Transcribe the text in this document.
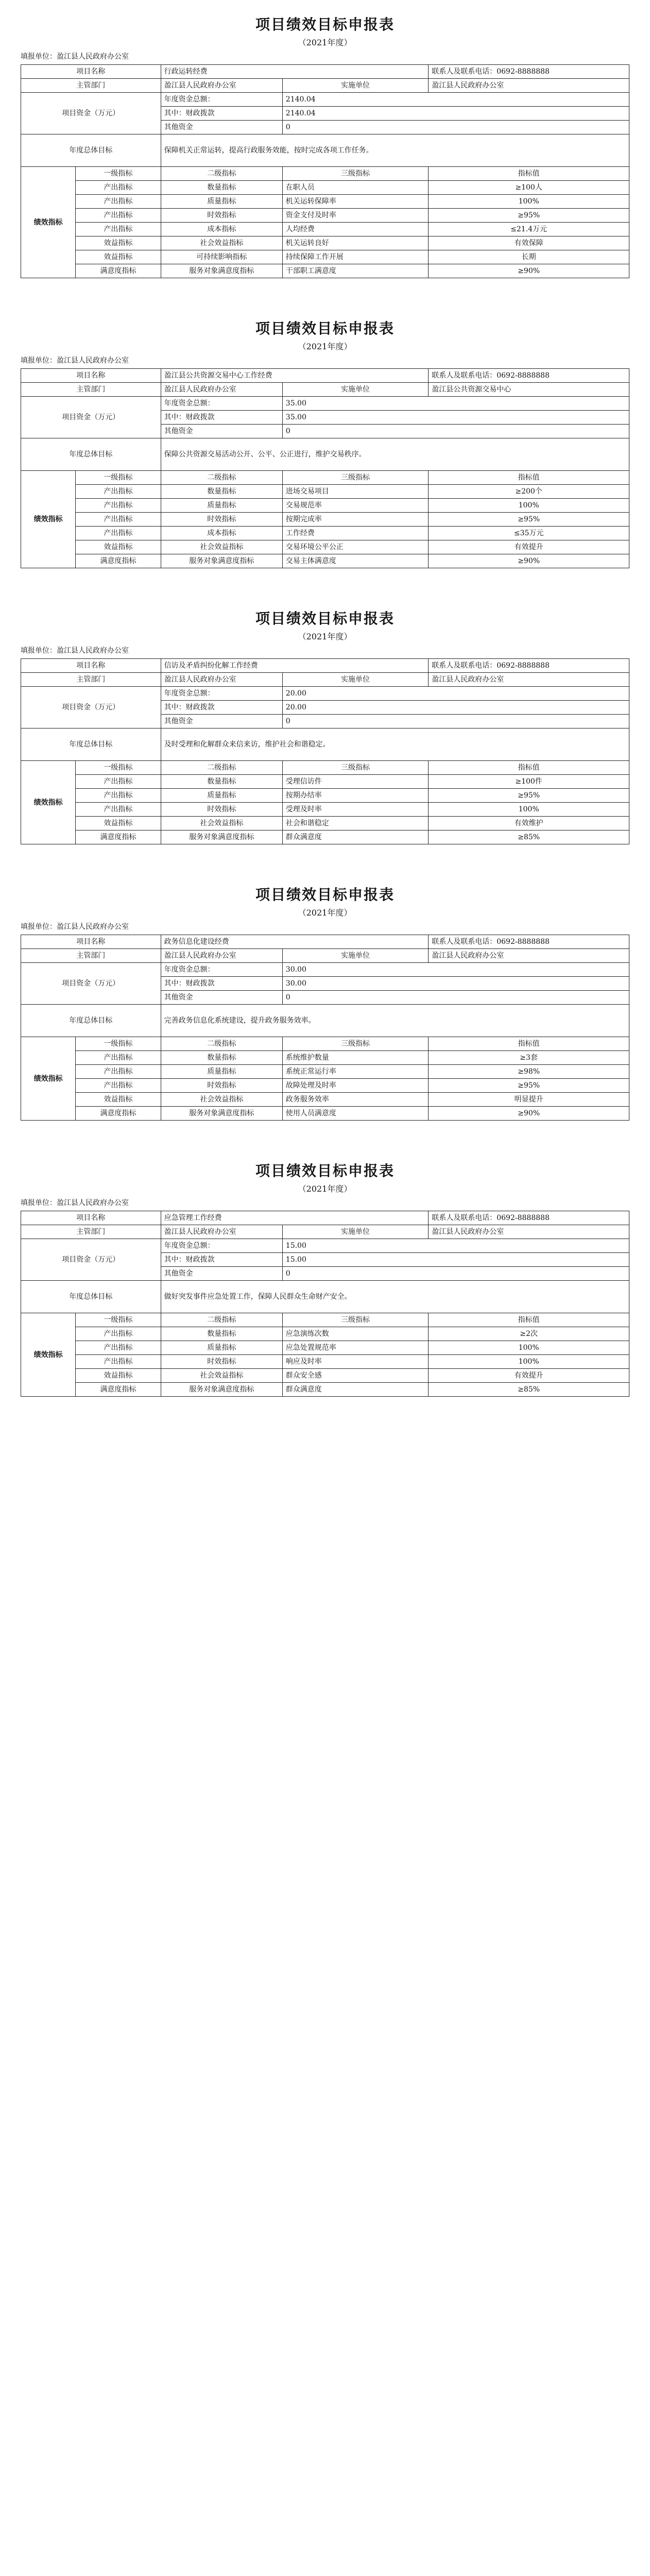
项目绩效目标申报表
（2021年度）
填报单位：盈江县人民政府办公室
项目名称		行政运转经费		联系人及联系电话：0692-8888888
主管部门		盈江县人民政府办公室	实施单位	盈江县人民政府办公室
项目资金（万元）		年度资金总额：	2140.04	
		其中：财政拨款	2140.04	
		其他资金	0	
年度总体目标		保障机关正常运转，提高行政服务效能，按时完成各项工作任务。		
绩效指标	一级指标	二级指标	三级指标	指标值
	产出指标	数量指标	在职人员	≥100人
	产出指标	质量指标	机关运转保障率	100%
	产出指标	时效指标	资金支付及时率	≥95%
	产出指标	成本指标	人均经费	≤21.4万元
	效益指标	社会效益指标	机关运转良好	有效保障
	效益指标	可持续影响指标	持续保障工作开展	长期
	满意度指标	服务对象满意度指标	干部职工满意度	≥90%
项目绩效目标申报表
（2021年度）
填报单位：盈江县人民政府办公室
项目名称		盈江县公共资源交易中心工作经费		联系人及联系电话：0692-8888888
主管部门		盈江县人民政府办公室	实施单位	盈江县公共资源交易中心
项目资金（万元）		年度资金总额：	35.00	
		其中：财政拨款	35.00	
		其他资金	0	
年度总体目标		保障公共资源交易活动公开、公平、公正进行，维护交易秩序。		
绩效指标	一级指标	二级指标	三级指标	指标值
	产出指标	数量指标	进场交易项目	≥200个
	产出指标	质量指标	交易规范率	100%
	产出指标	时效指标	按期完成率	≥95%
	产出指标	成本指标	工作经费	≤35万元
	效益指标	社会效益指标	交易环境公平公正	有效提升
	满意度指标	服务对象满意度指标	交易主体满意度	≥90%
项目绩效目标申报表
（2021年度）
填报单位：盈江县人民政府办公室
项目名称		信访及矛盾纠纷化解工作经费		联系人及联系电话：0692-8888888
主管部门		盈江县人民政府办公室	实施单位	盈江县人民政府办公室
项目资金（万元）		年度资金总额：	20.00	
		其中：财政拨款	20.00	
		其他资金	0	
年度总体目标		及时受理和化解群众来信来访，维护社会和谐稳定。		
绩效指标	一级指标	二级指标	三级指标	指标值
	产出指标	数量指标	受理信访件	≥100件
	产出指标	质量指标	按期办结率	≥95%
	产出指标	时效指标	受理及时率	100%
	效益指标	社会效益指标	社会和谐稳定	有效维护
	满意度指标	服务对象满意度指标	群众满意度	≥85%
项目绩效目标申报表
（2021年度）
填报单位：盈江县人民政府办公室
项目名称		政务信息化建设经费		联系人及联系电话：0692-8888888
主管部门		盈江县人民政府办公室	实施单位	盈江县人民政府办公室
项目资金（万元）		年度资金总额：	30.00	
		其中：财政拨款	30.00	
		其他资金	0	
年度总体目标		完善政务信息化系统建设，提升政务服务效率。		
绩效指标	一级指标	二级指标	三级指标	指标值
	产出指标	数量指标	系统维护数量	≥3套
	产出指标	质量指标	系统正常运行率	≥98%
	产出指标	时效指标	故障处理及时率	≥95%
	效益指标	社会效益指标	政务服务效率	明显提升
	满意度指标	服务对象满意度指标	使用人员满意度	≥90%
项目绩效目标申报表
（2021年度）
填报单位：盈江县人民政府办公室
项目名称		应急管理工作经费		联系人及联系电话：0692-8888888
主管部门		盈江县人民政府办公室	实施单位	盈江县人民政府办公室
项目资金（万元）		年度资金总额：	15.00	
		其中：财政拨款	15.00	
		其他资金	0	
年度总体目标		做好突发事件应急处置工作，保障人民群众生命财产安全。		
绩效指标	一级指标	二级指标	三级指标	指标值
	产出指标	数量指标	应急演练次数	≥2次
	产出指标	质量指标	应急处置规范率	100%
	产出指标	时效指标	响应及时率	100%
	效益指标	社会效益指标	群众安全感	有效提升
	满意度指标	服务对象满意度指标	群众满意度	≥85%
